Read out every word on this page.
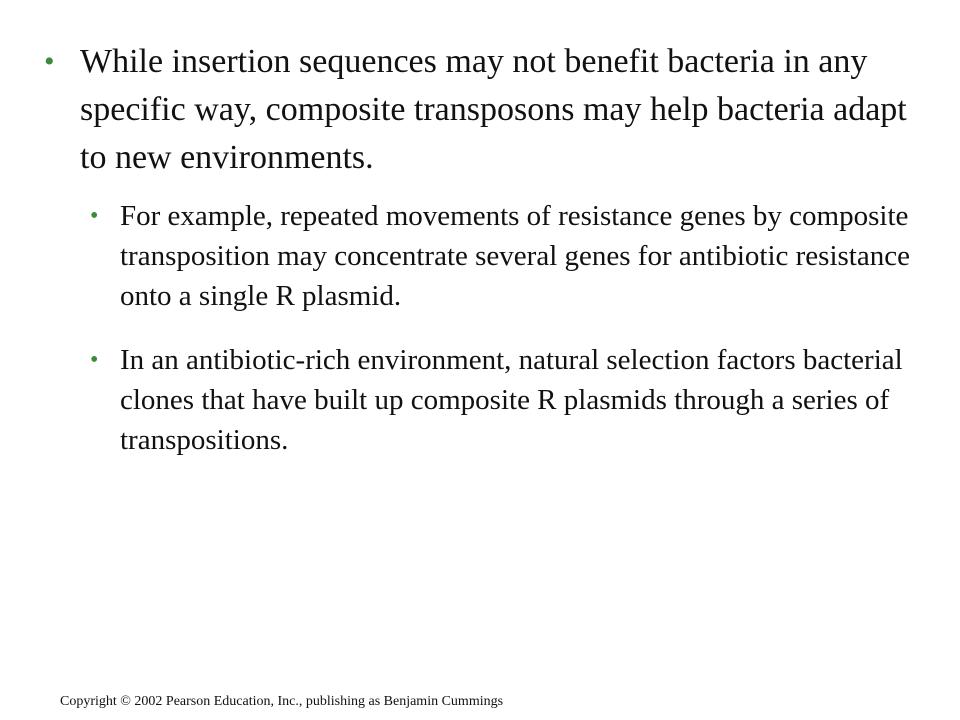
• While insertion sequences may not benefit bacteria in any specific way, composite transposons may help bacteria adapt to new environments.
• For example, repeated movements of resistance genes by composite transposition may concentrate several genes for antibiotic resistance onto a single R plasmid.
• In an antibiotic-rich environment, natural selection factors bacterial clones that have built up composite R plasmids through a series of transpositions.
Copyright © 2002 Pearson Education, Inc., publishing as Benjamin Cummings
